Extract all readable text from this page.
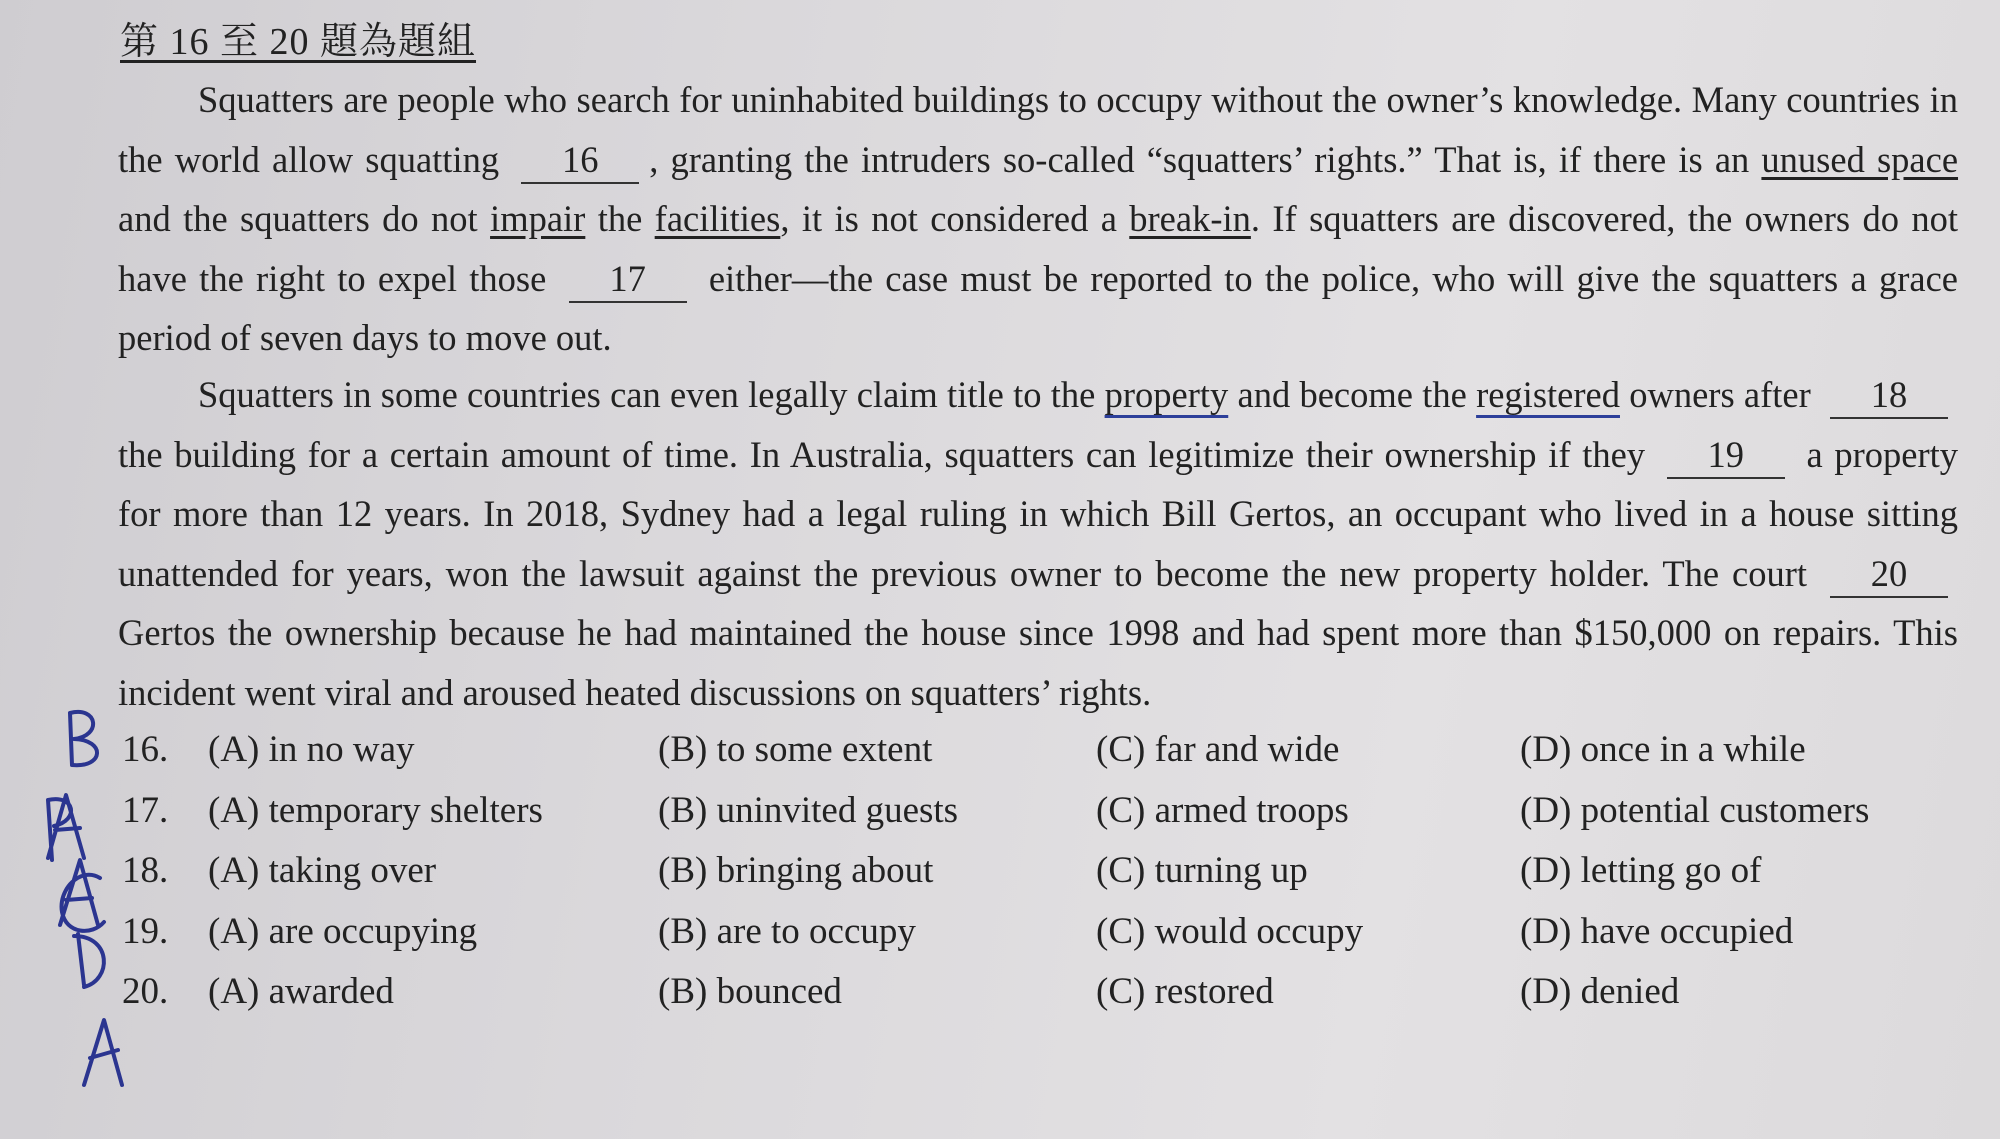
第 16 至 20 題為題組

Squatters are people who search for uninhabited buildings to occupy without the owner’s knowledge. Many countries in the world allow squatting 16 , granting the intruders so-called “squatters’ rights.” That is, if there is an unused space and the squatters do not impair the facilities, it is not considered a break-in. If squatters are discovered, the owners do not have the right to expel those 17 either—the case must be reported to the police, who will give the squatters a grace period of seven days to move out.

Squatters in some countries can even legally claim title to the property and become the registered owners after 18 the building for a certain amount of time. In Australia, squatters can legitimize their ownership if they 19 a property for more than 12 years. In 2018, Sydney had a legal ruling in which Bill Gertos, an occupant who lived in a house sitting unattended for years, won the lawsuit against the previous owner to become the new property holder. The court 20 Gertos the ownership because he had maintained the house since 1998 and had spent more than $150,000 on repairs. This incident went viral and aroused heated discussions on squatters’ rights.

16. (A) in no way	(B) to some extent	(C) far and wide	(D) once in a while
17. (A) temporary shelters	(B) uninvited guests	(C) armed troops	(D) potential customers
18. (A) taking over	(B) bringing about	(C) turning up	(D) letting go of
19. (A) are occupying	(B) are to occupy	(C) would occupy	(D) have occupied
20. (A) awarded	(B) bounced	(C) restored	(D) denied
